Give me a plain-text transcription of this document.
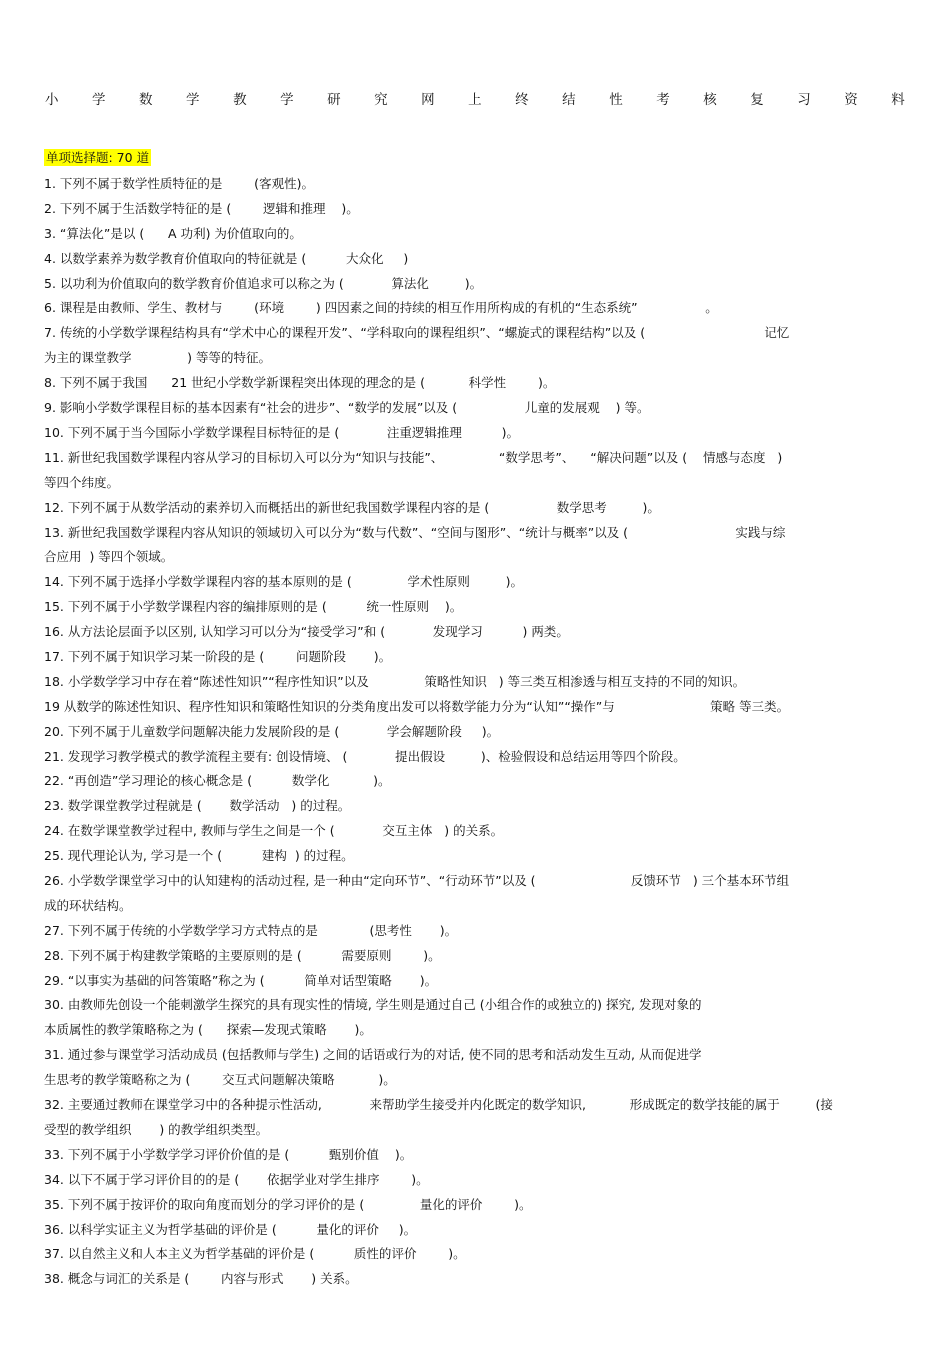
小 学 数 学 教 学 研 究 网 上 终 结 性 考 核 复 习 资 料
单项选择题: 70 道
1. 下列不属于数学性质特征的是        (客观性)。
2. 下列不属于生活数学特征的是 (        逻辑和推理    )。
3. “算法化”是以 (      A 功利) 为价值取向的。
4. 以数学素养为数学教育价值取向的特征就是 (          大众化     )
5. 以功利为价值取向的数学教育价值追求可以称之为 (            算法化         )。
6. 课程是由教师、学生、教材与        (环境        ) 四因素之间的持续的相互作用所构成的有机的“生态系统”                 。
7. 传统的小学数学课程结构具有“学术中心的课程开发”、“学科取向的课程组织”、“螺旋式的课程结构”以及 (                              记忆
为主的课堂教学              ) 等等的特征。
8. 下列不属于我国      21 世纪小学数学新课程突出体现的理念的是 (           科学性        )。
9. 影响小学数学课程目标的基本因素有“社会的进步”、“数学的发展”以及 (                 儿童的发展观    ) 等。
10. 下列不属于当今国际小学数学课程目标特征的是 (            注重逻辑推理          )。
11. 新世纪我国数学课程内容从学习的目标切入可以分为“知识与技能”、              “数学思考”、    “解决问题”以及 (    情感与态度   )
等四个纬度。
12. 下列不属于从数学活动的素养切入而概括出的新世纪我国数学课程内容的是 (                 数学思考         )。
13. 新世纪我国数学课程内容从知识的领域切入可以分为“数与代数”、“空间与图形”、“统计与概率”以及 (                           实践与综
合应用  ) 等四个领域。
14. 下列不属于选择小学数学课程内容的基本原则的是 (              学术性原则         )。
15. 下列不属于小学数学课程内容的编排原则的是 (          统一性原则    )。
16. 从方法论层面予以区别, 认知学习可以分为“接受学习”和 (            发现学习          ) 两类。
17. 下列不属于知识学习某一阶段的是 (        问题阶段       )。
18. 小学数学学习中存在着“陈述性知识”“程序性知识”以及              策略性知识   ) 等三类互相渗透与相互支持的不同的知识。
19 从数学的陈述性知识、程序性知识和策略性知识的分类角度出发可以将数学能力分为“认知”“操作”与                        策略 等三类。
20. 下列不属于儿童数学问题解决能力发展阶段的是 (            学会解题阶段     )。
21. 发现学习教学模式的教学流程主要有: 创设情境、 (            提出假设         )、检验假设和总结运用等四个阶段。
22. “再创造”学习理论的核心概念是 (          数学化           )。
23. 数学课堂教学过程就是 (       数学活动   ) 的过程。
24. 在数学课堂教学过程中, 教师与学生之间是一个 (            交互主体   ) 的关系。
25. 现代理论认为, 学习是一个 (          建构  ) 的过程。
26. 小学数学课堂学习中的认知建构的活动过程, 是一种由“定向环节”、“行动环节”以及 (                        反馈环节   ) 三个基本环节组
成的环状结构。
27. 下列不属于传统的小学数学学习方式特点的是             (思考性       )。
28. 下列不属于构建教学策略的主要原则的是 (          需要原则        )。
29. “以事实为基础的问答策略”称之为 (          简单对话型策略       )。
30. 由教师先创设一个能刺激学生探究的具有现实性的情境, 学生则是通过自己 (小组合作的或独立的) 探究, 发现对象的
本质属性的教学策略称之为 (      探索—发现式策略       )。
31. 通过参与课堂学习活动成员 (包括教师与学生) 之间的话语或行为的对话, 使不同的思考和活动发生互动, 从而促进学
生思考的教学策略称之为 (        交互式问题解决策略           )。
32. 主要通过教师在课堂学习中的各种提示性活动,            来帮助学生接受并内化既定的数学知识,           形成既定的数学技能的属于         (接
受型的教学组织       ) 的教学组织类型。
33. 下列不属于小学数学学习评价价值的是 (          甄别价值    )。
34. 以下不属于学习评价目的的是 (       依据学业对学生排序        )。
35. 下列不属于按评价的取向角度而划分的学习评价的是 (              量化的评价        )。
36. 以科学实证主义为哲学基础的评价是 (          量化的评价     )。
37. 以自然主义和人本主义为哲学基础的评价是 (          质性的评价        )。
38. 概念与词汇的关系是 (        内容与形式       ) 关系。
